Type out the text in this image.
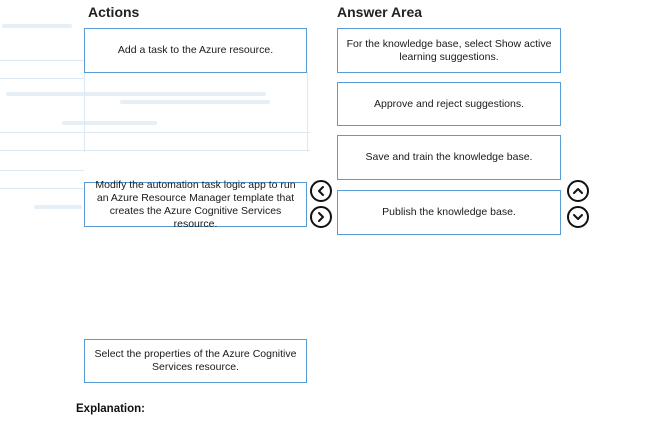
Actions
Add a task to the Azure resource.
Modify the automation task logic app to run an Azure Resource Manager template that creates the Azure Cognitive Services resource.
Select the properties of the Azure Cognitive Services resource.
Answer Area
For the knowledge base, select Show active learning suggestions.
Approve and reject suggestions.
Save and train the knowledge base.
Publish the knowledge base.
Explanation:
